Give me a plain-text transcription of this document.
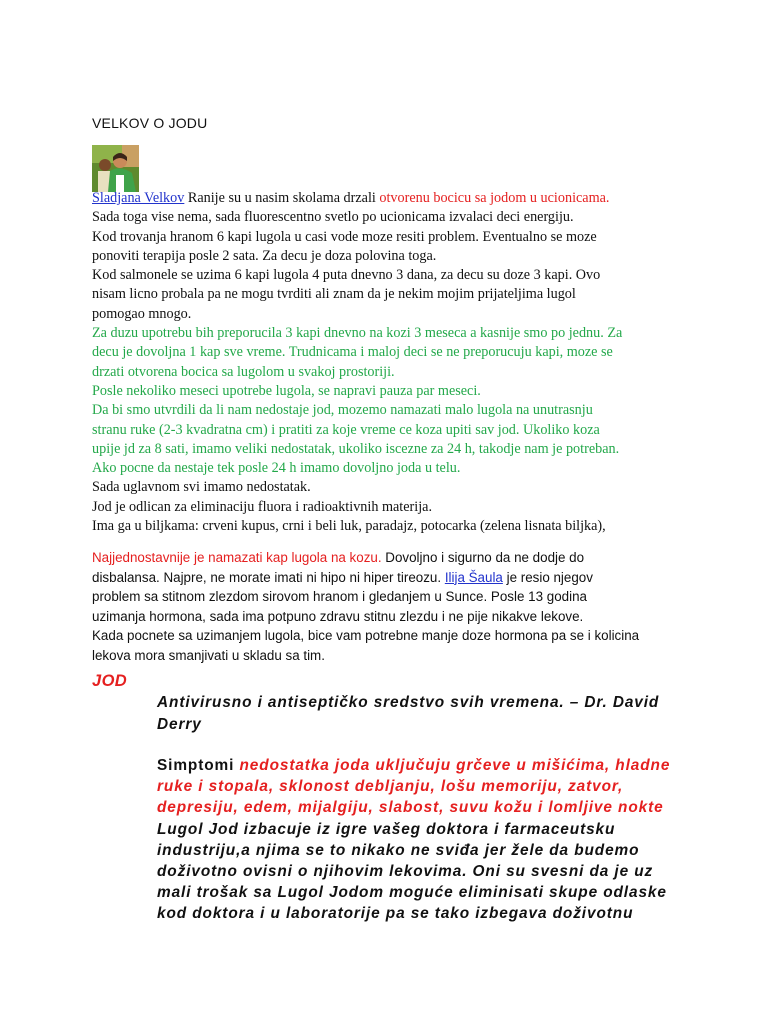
VELKOV O JODU
Sladjana Velkov Ranije su u nasim skolama drzali otvorenu bocicu sa jodom u ucionicama.
Sada toga vise nema, sada fluorescentno svetlo po ucionicama izvalaci deci energiju.
Kod trovanja hranom 6 kapi lugola u casi vode moze resiti problem. Eventualno se moze
ponoviti terapija posle 2 sata. Za decu je doza polovina toga.
Kod salmonele se uzima 6 kapi lugola 4 puta dnevno 3 dana, za decu su doze 3 kapi. Ovo
nisam licno probala pa ne mogu tvrditi ali znam da je nekim mojim prijateljima lugol
pomogao mnogo.
Za duzu upotrebu bih preporucila 3 kapi dnevno na kozi 3 meseca a kasnije smo po jednu. Za
decu je dovoljna 1 kap sve vreme. Trudnicama i maloj deci se ne preporucuju kapi, moze se
drzati otvorena bocica sa lugolom u svakoj prostoriji.
Posle nekoliko meseci upotrebe lugola, se napravi pauza par meseci.
Da bi smo utvrdili da li nam nedostaje jod, mozemo namazati malo lugola na unutrasnju
stranu ruke (2-3 kvadratna cm) i pratiti za koje vreme ce koza upiti sav jod. Ukoliko koza
upije jd za 8 sati, imamo veliki nedostatak, ukoliko iscezne za 24 h, takodje nam je potreban.
Ako pocne da nestaje tek posle 24 h imamo dovoljno joda u telu.
Sada uglavnom svi imamo nedostatak.
Jod je odlican za eliminaciju fluora i radioaktivnih materija.
Ima ga u biljkama: crveni kupus, crni i beli luk, paradajz, potocarka (zelena lisnata biljka),
Najjednostavnije je namazati kap lugola na kozu. Dovoljno i sigurno da ne dodje do
disbalansa. Najpre, ne morate imati ni hipo ni hiper tireozu. Ilija Šaula je resio njegov
problem sa stitnom zlezdom sirovom hranom i gledanjem u Sunce. Posle 13 godina
uzimanja hormona, sada ima potpuno zdravu stitnu zlezdu i ne pije nikakve lekove.
Kada pocnete sa uzimanjem lugola, bice vam potrebne manje doze hormona pa se i kolicina
lekova mora smanjivati u skladu sa tim.
JOD
Antivirusno i antiseptičko sredstvo svih vremena. – Dr. David
Derry
Simptomi nedostatka joda uključuju grčeve u mišićima, hladne
ruke i stopala, sklonost debljanju, lošu memoriju, zatvor,
depresiju, edem, mijalgiju, slabost, suvu kožu i lomljive nokte
Lugol Jod izbacuje iz igre vašeg doktora i farmaceutsku
industriju,a njima se to nikako ne sviđa jer žele da budemo
doživotno ovisni o njihovim lekovima. Oni su svesni da je uz
mali trošak sa Lugol Jodom moguće eliminisati skupe odlaske
kod doktora i u laboratorije pa se tako izbegava doživotnu
